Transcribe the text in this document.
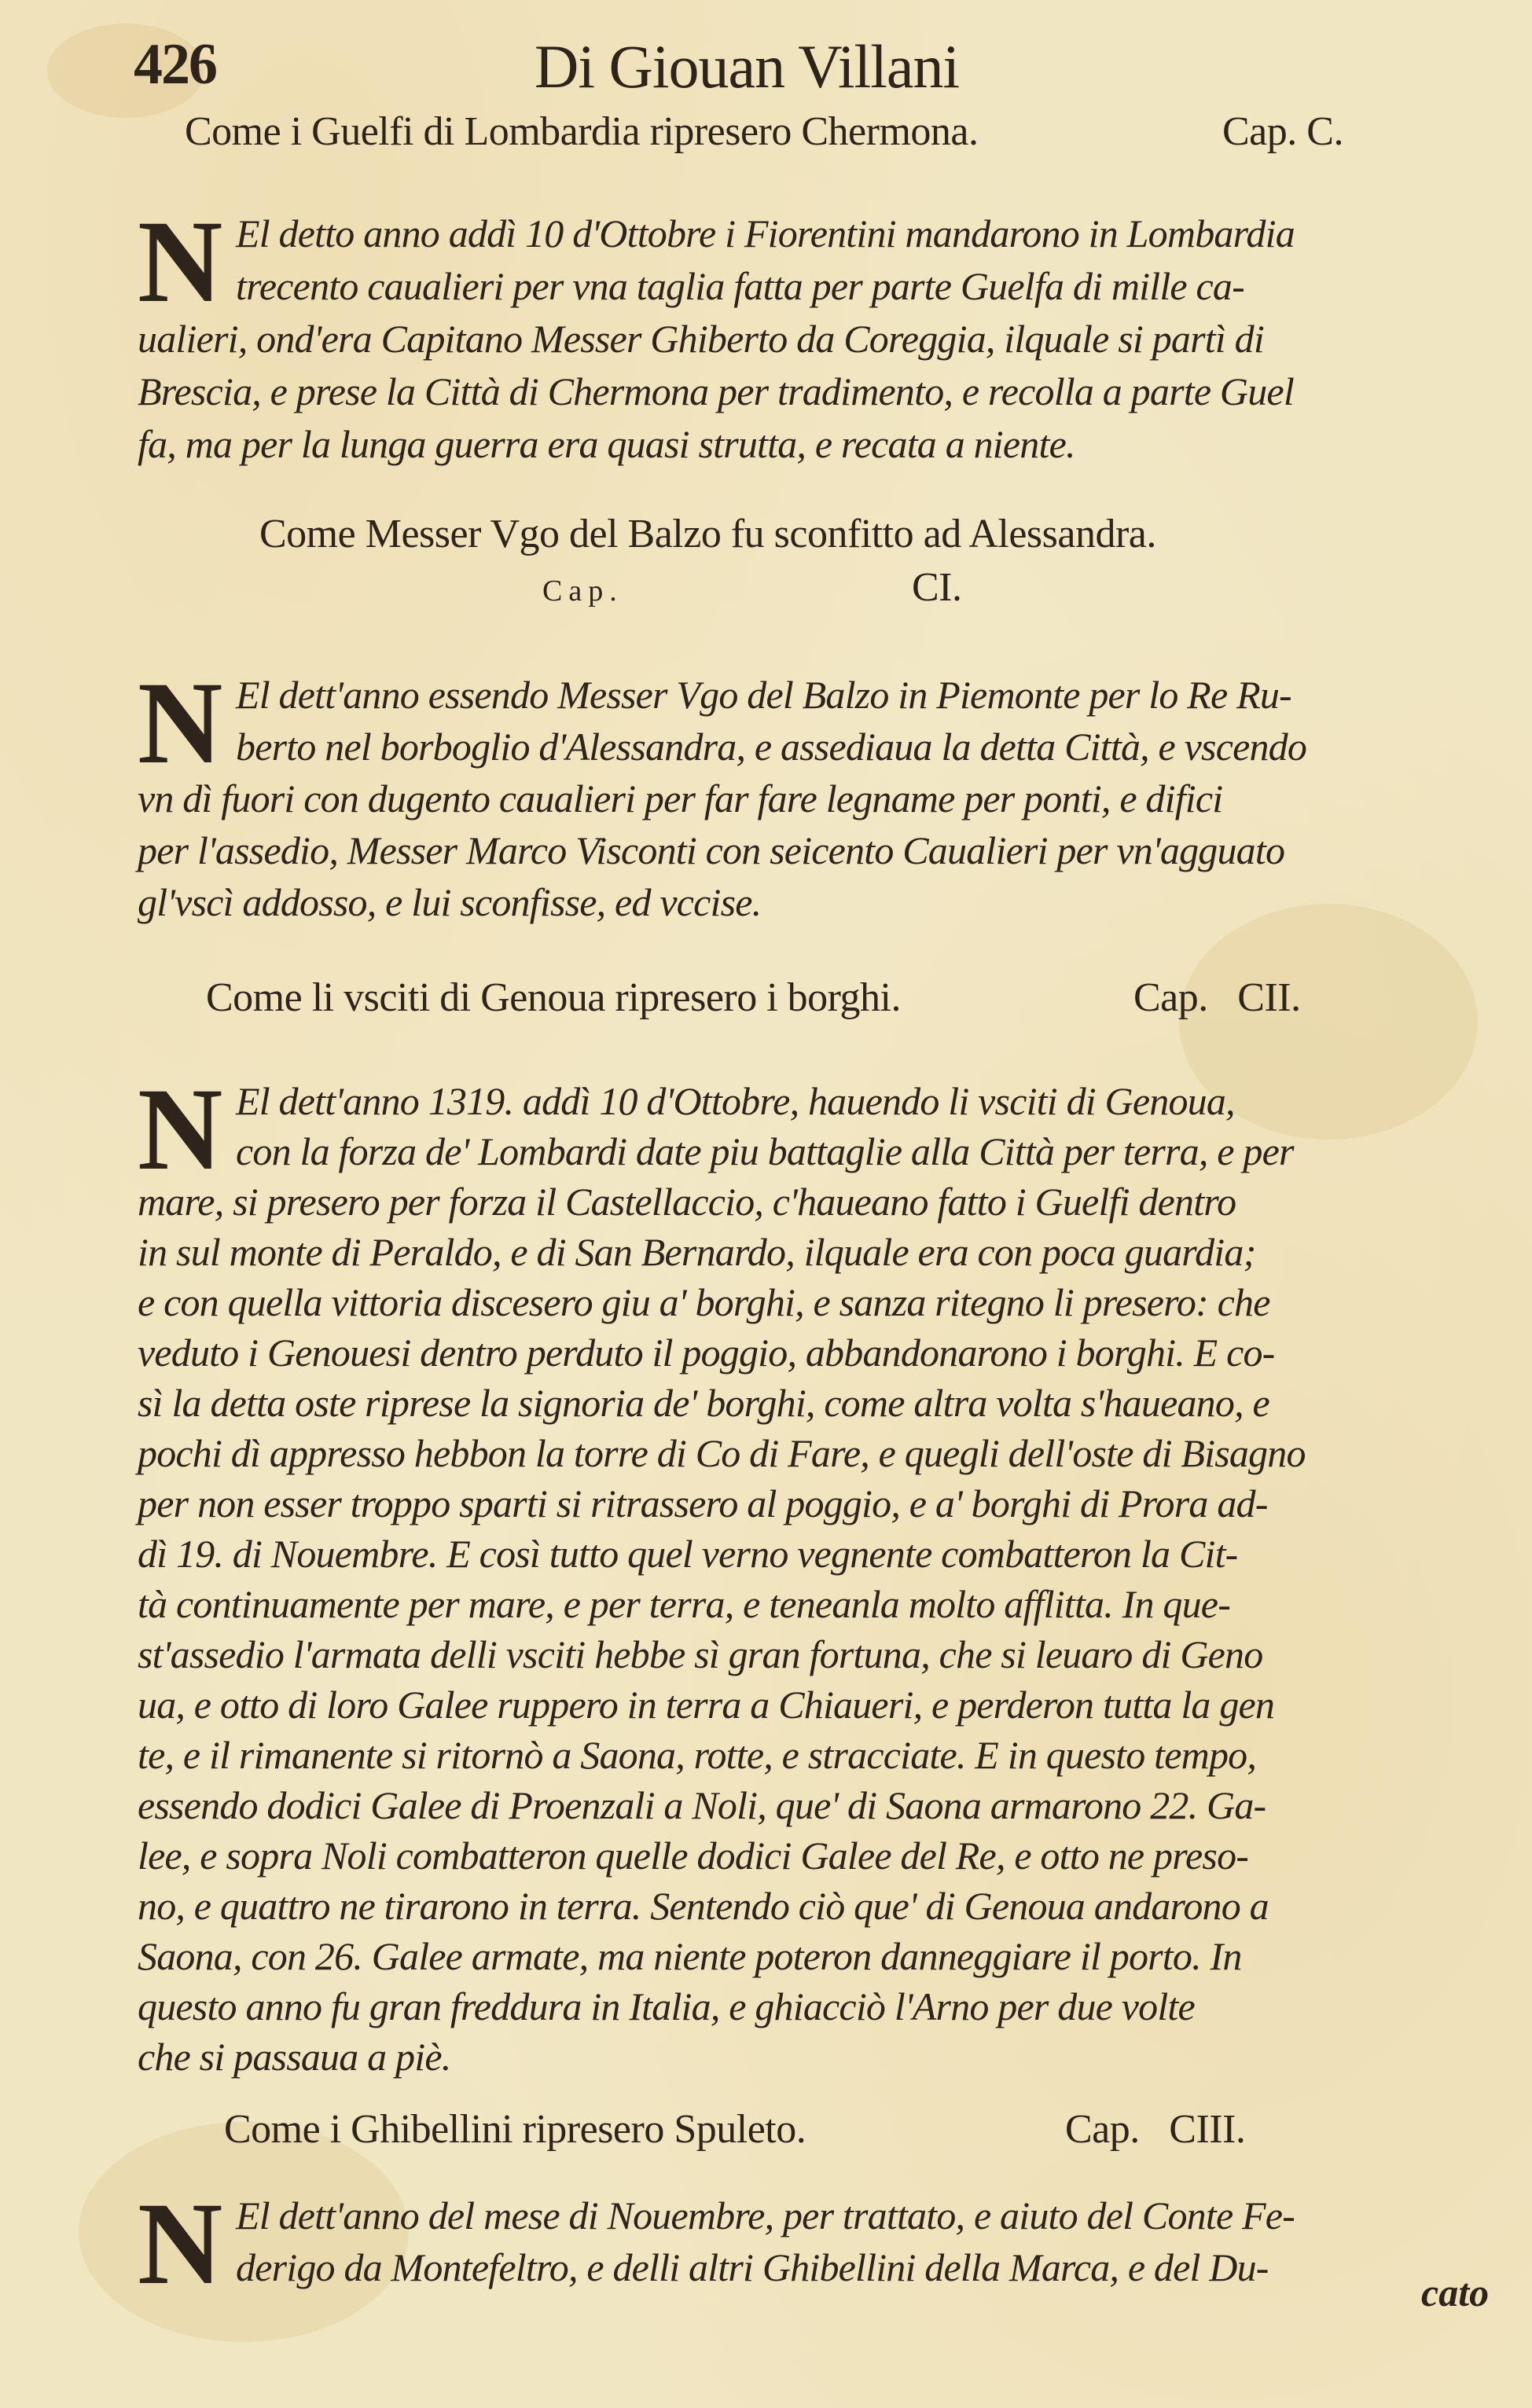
426	Di Giouan Villani
Come i Guelfi di Lombardia ripresero Chermona.	Cap. C.
N El detto anno addì 10 d'Ottobre i Fiorentini mandarono in Lombardia
trecento caualieri per vna taglia fatta per parte Guelfa di mille ca-
ualieri, ond'era Capitano Messer Ghiberto da Coreggia, ilquale si partì di
Brescia, e prese la Città di Chermona per tradimento, e recolla a parte Guel
fa, ma per la lunga guerra era quasi strutta, e recata a niente.
Come Messer Vgo del Balzo fu sconfitto ad Alessandra.
Cap.	CI.
N El dett'anno essendo Messer Vgo del Balzo in Piemonte per lo Re Ru-
berto nel borboglio d'Alessandra, e assediaua la detta Città, e vscendo
vn dì fuori con dugento caualieri per far fare legname per ponti, e difici
per l'assedio, Messer Marco Visconti con seicento Caualieri per vn'agguato
gl'vscì addosso, e lui sconfisse, ed vccise.
Come li vsciti di Genoua ripresero i borghi.	Cap. CII.
N El dett'anno 1319. addì 10 d'Ottobre, hauendo li vsciti di Genoua,
con la forza de' Lombardi date piu battaglie alla Città per terra, e per
mare, si presero per forza il Castellaccio, c'haueano fatto i Guelfi dentro
in sul monte di Peraldo, e di San Bernardo, ilquale era con poca guardia;
e con quella vittoria discesero giu a' borghi, e sanza ritegno li presero: che
veduto i Genouesi dentro perduto il poggio, abbandonarono i borghi. E co-
sì la detta oste riprese la signoria de' borghi, come altra volta s'haueano, e
pochi dì appresso hebbon la torre di Co di Fare, e quegli dell'oste di Bisagno
per non esser troppo sparti si ritrassero al poggio, e a' borghi di Prora ad-
dì 19. di Nouembre. E così tutto quel verno vegnente combatteron la Cit-
tà continuamente per mare, e per terra, e teneanla molto afflitta. In que-
st'assedio l'armata delli vsciti hebbe sì gran fortuna, che si leuaro di Geno
ua, e otto di loro Galee ruppero in terra a Chiaueri, e perderon tutta la gen
te, e il rimanente si ritornò a Saona, rotte, e stracciate. E in questo tempo,
essendo dodici Galee di Proenzali a Noli, que' di Saona armarono 22. Ga-
lee, e sopra Noli combatteron quelle dodici Galee del Re, e otto ne preso-
no, e quattro ne tirarono in terra. Sentendo ciò que' di Genoua andarono a
Saona, con 26. Galee armate, ma niente poteron danneggiare il porto. In
questo anno fu gran freddura in Italia, e ghiacciò l'Arno per due volte
che si passaua a piè.
Come i Ghibellini ripresero Spuleto.	Cap. CIII.
N El dett'anno del mese di Nouembre, per trattato, e aiuto del Conte Fe-
derigo da Montefeltro, e delli altri Ghibellini della Marca, e del Du-
cato
